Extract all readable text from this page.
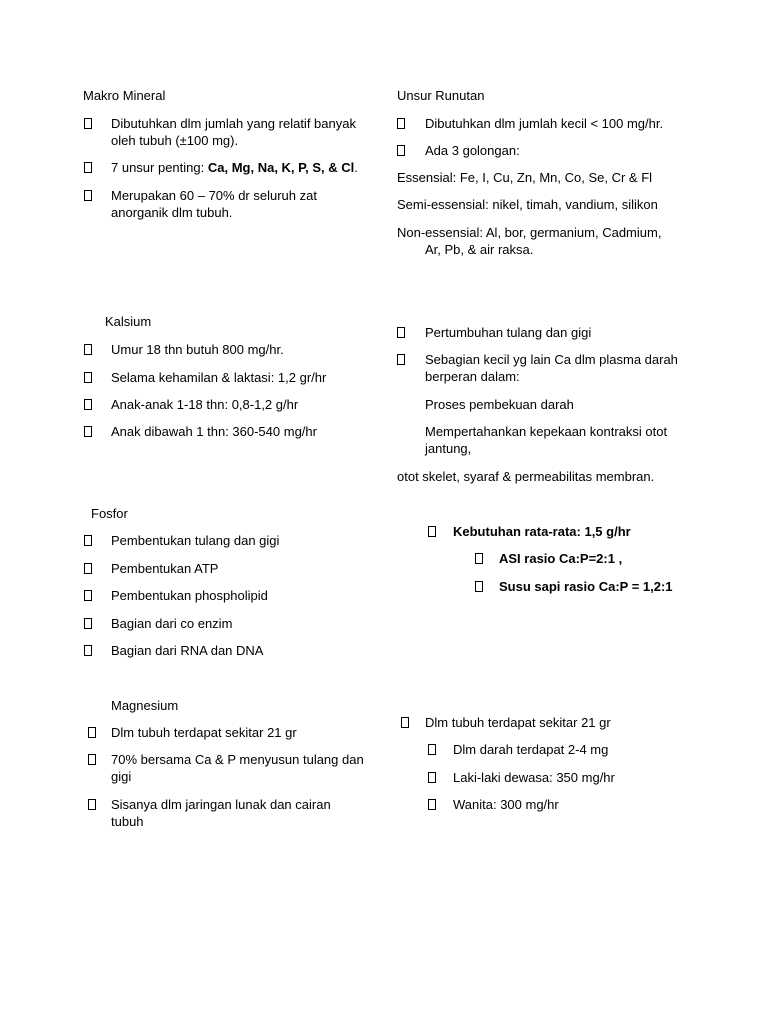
Makro Mineral
Dibutuhkan dlm jumlah yang relatif banyak
oleh tubuh (±100 mg).
7 unsur penting: Ca, Mg, Na, K, P, S, & Cl.
Merupakan 60 – 70% dr seluruh zat
anorganik dlm tubuh.
Unsur Runutan
Dibutuhkan dlm jumlah kecil < 100 mg/hr.
Ada 3 golongan:
Essensial: Fe, I, Cu, Zn, Mn, Co, Se, Cr & Fl
Semi-essensial: nikel, timah, vandium, silikon
Non-essensial: Al, bor, germanium, Cadmium,
Ar, Pb, & air raksa.
Kalsium
Umur 18 thn butuh 800 mg/hr.
Selama kehamilan & laktasi: 1,2 gr/hr
Anak-anak 1-18 thn: 0,8-1,2 g/hr
Anak dibawah 1 thn: 360-540 mg/hr
Pertumbuhan tulang dan gigi
Sebagian kecil yg lain Ca dlm plasma darah
berperan dalam:
Proses pembekuan darah
Mempertahankan kepekaan kontraksi otot
jantung,
otot skelet, syaraf & permeabilitas membran.
Fosfor
Pembentukan tulang dan gigi
Pembentukan ATP
Pembentukan phospholipid
Bagian dari co enzim
Bagian dari RNA dan DNA
Kebutuhan rata-rata: 1,5 g/hr
ASI rasio Ca:P=2:1 ,
Susu sapi rasio Ca:P = 1,2:1
Magnesium
Dlm tubuh terdapat sekitar 21 gr
70% bersama Ca & P menyusun tulang dan
gigi
Sisanya dlm jaringan lunak dan cairan
tubuh
Dlm tubuh terdapat sekitar 21 gr
Dlm darah terdapat 2-4 mg
Laki-laki dewasa: 350 mg/hr
Wanita: 300 mg/hr
